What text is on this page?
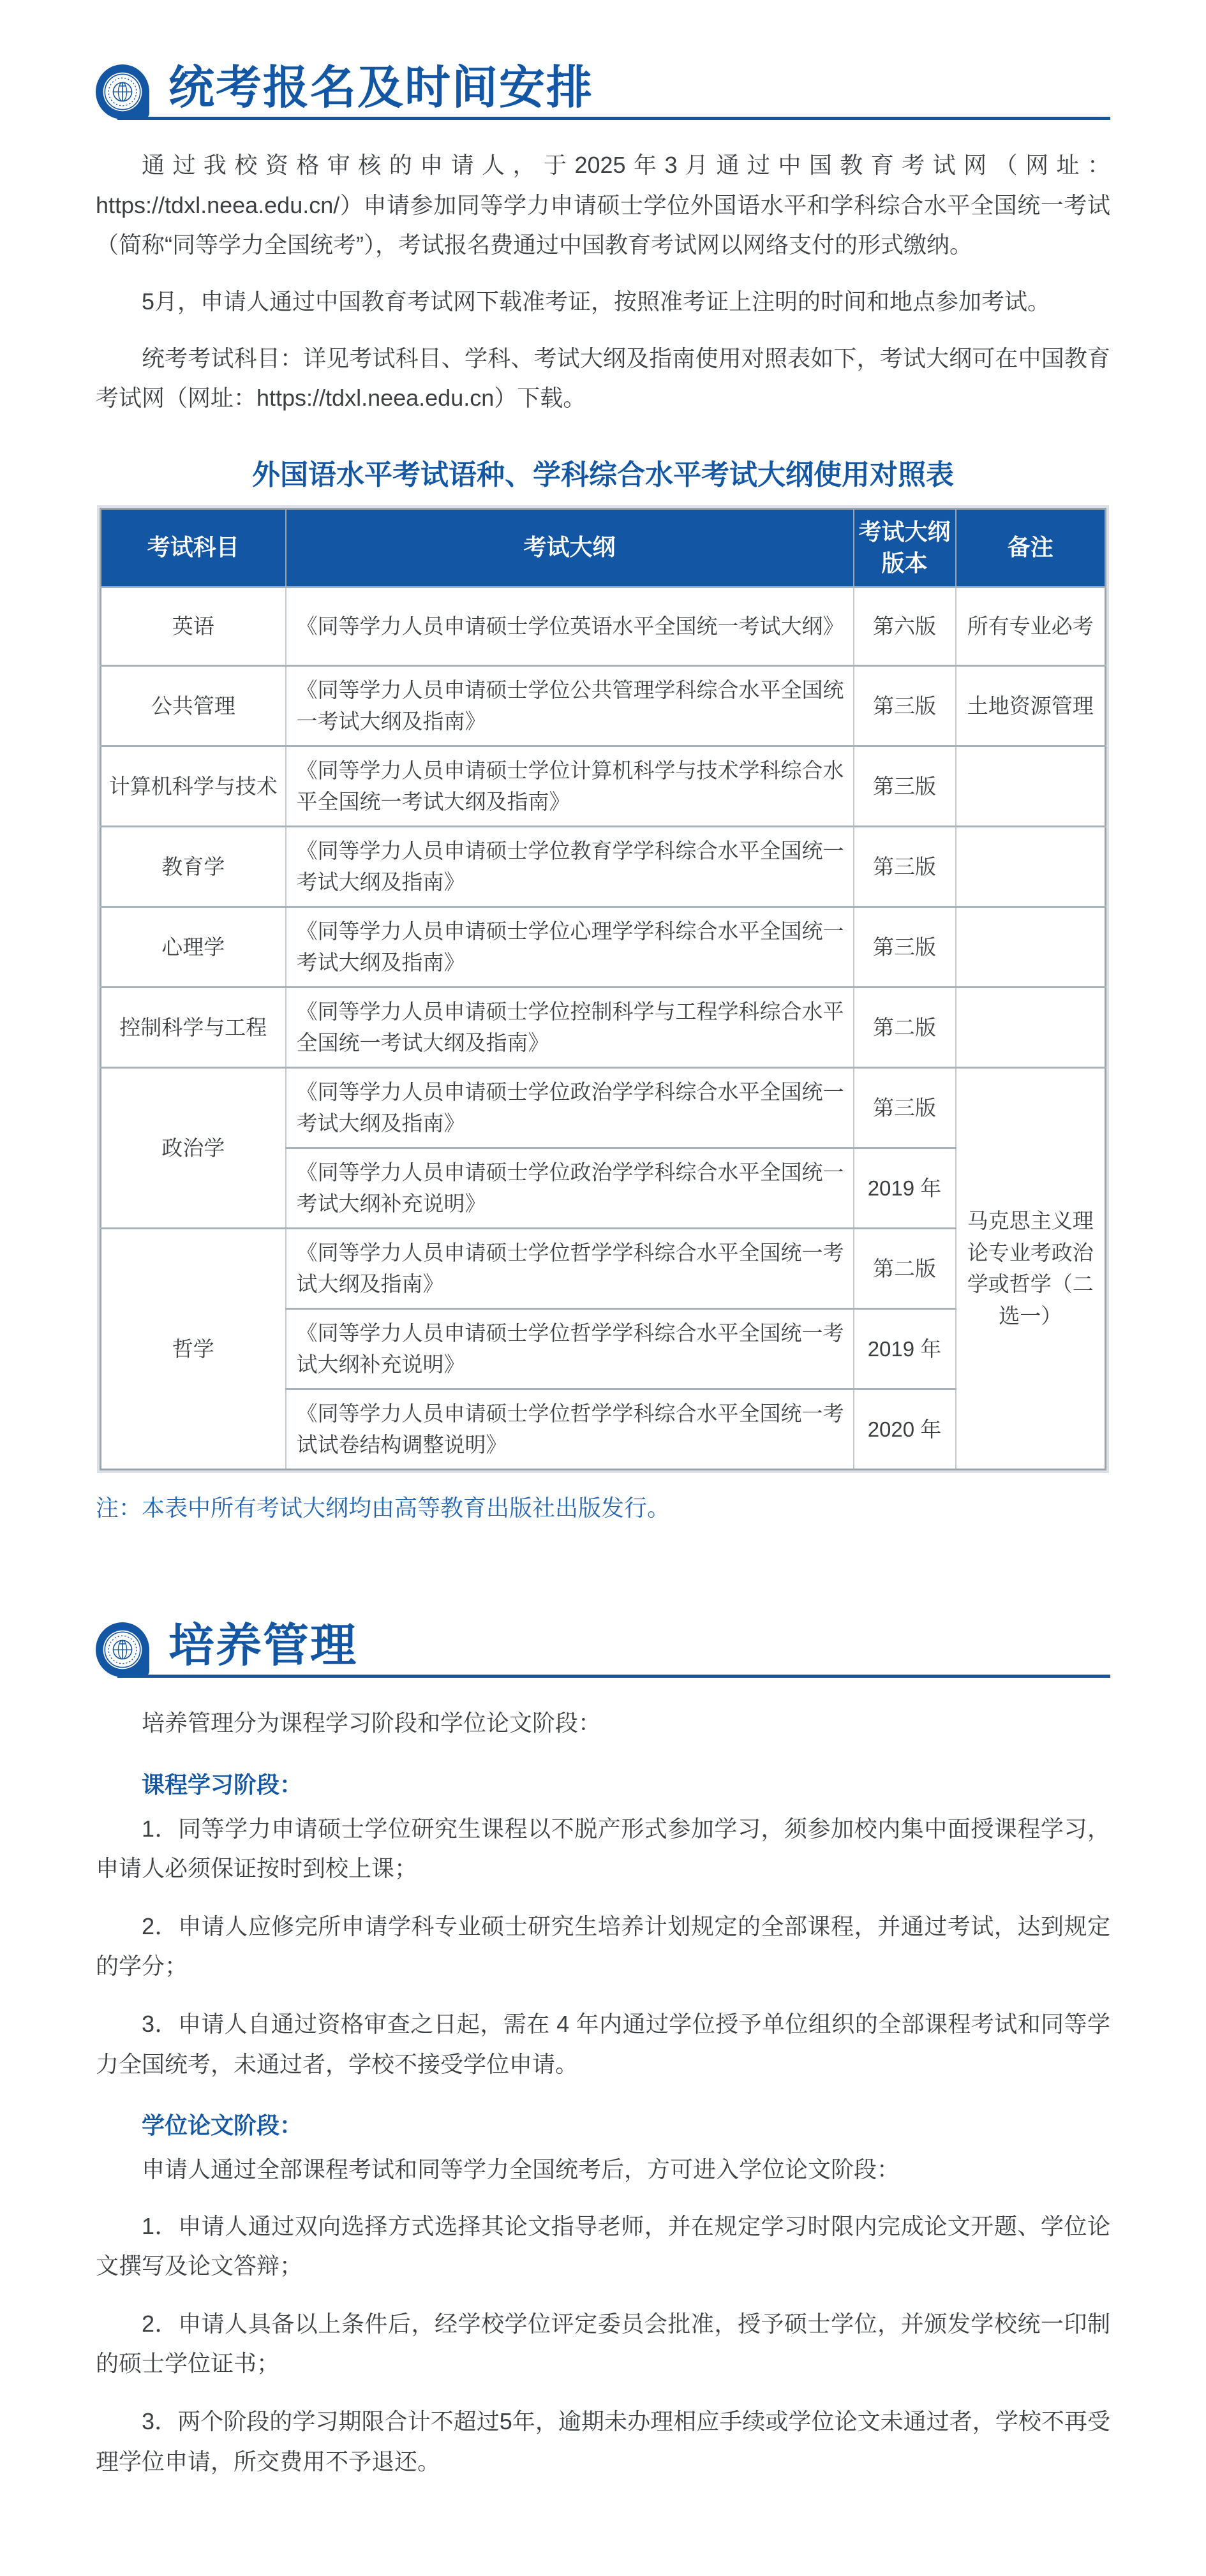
统考报名及时间安排

通过我校资格审核的申请人，于2025年3月通过中国教育考试网（网址：https://tdxl.neea.edu.cn/）申请参加同等学力申请硕士学位外国语水平和学科综合水平全国统一考试（简称“同等学力全国统考”），考试报名费通过中国教育考试网以网络支付的形式缴纳。

5月，申请人通过中国教育考试网下载准考证，按照准考证上注明的时间和地点参加考试。

统考考试科目：详见考试科目、学科、考试大纲及指南使用对照表如下，考试大纲可在中国教育考试网（网址：https://tdxl.neea.edu.cn）下载。

外国语水平考试语种、学科综合水平考试大纲使用对照表
考试科目	考试大纲	考试大纲版本	备注
英语	《同等学力人员申请硕士学位英语水平全国统一考试大纲》	第六版	所有专业必考
公共管理	《同等学力人员申请硕士学位公共管理学科综合水平全国统一考试大纲及指南》	第三版	土地资源管理
计算机科学与技术	《同等学力人员申请硕士学位计算机科学与技术学科综合水平全国统一考试大纲及指南》	第三版	
教育学	《同等学力人员申请硕士学位教育学学科综合水平全国统一考试大纲及指南》	第三版	
心理学	《同等学力人员申请硕士学位心理学学科综合水平全国统一考试大纲及指南》	第三版	
控制科学与工程	《同等学力人员申请硕士学位控制科学与工程学科综合水平全国统一考试大纲及指南》	第二版	
政治学	《同等学力人员申请硕士学位政治学学科综合水平全国统一考试大纲及指南》	第三版	马克思主义理论专业考政治学或哲学（二选一）
	《同等学力人员申请硕士学位政治学学科综合水平全国统一考试大纲补充说明》	2019 年	
哲学	《同等学力人员申请硕士学位哲学学科综合水平全国统一考试大纲及指南》	第二版	
	《同等学力人员申请硕士学位哲学学科综合水平全国统一考试大纲补充说明》	2019 年	
	《同等学力人员申请硕士学位哲学学科综合水平全国统一考试试卷结构调整说明》	2020 年	

注：本表中所有考试大纲均由高等教育出版社出版发行。

培养管理

培养管理分为课程学习阶段和学位论文阶段：

课程学习阶段：

1．同等学力申请硕士学位研究生课程以不脱产形式参加学习，须参加校内集中面授课程学习，申请人必须保证按时到校上课；

2．申请人应修完所申请学科专业硕士研究生培养计划规定的全部课程，并通过考试，达到规定的学分；

3．申请人自通过资格审查之日起，需在 4 年内通过学位授予单位组织的全部课程考试和同等学力全国统考，未通过者，学校不接受学位申请。

学位论文阶段：

申请人通过全部课程考试和同等学力全国统考后，方可进入学位论文阶段：

1．申请人通过双向选择方式选择其论文指导老师，并在规定学习时限内完成论文开题、学位论文撰写及论文答辩；

2．申请人具备以上条件后，经学校学位评定委员会批准，授予硕士学位，并颁发学校统一印制的硕士学位证书；

3．两个阶段的学习期限合计不超过5年，逾期未办理相应手续或学位论文未通过者，学校不再受理学位申请，所交费用不予退还。
